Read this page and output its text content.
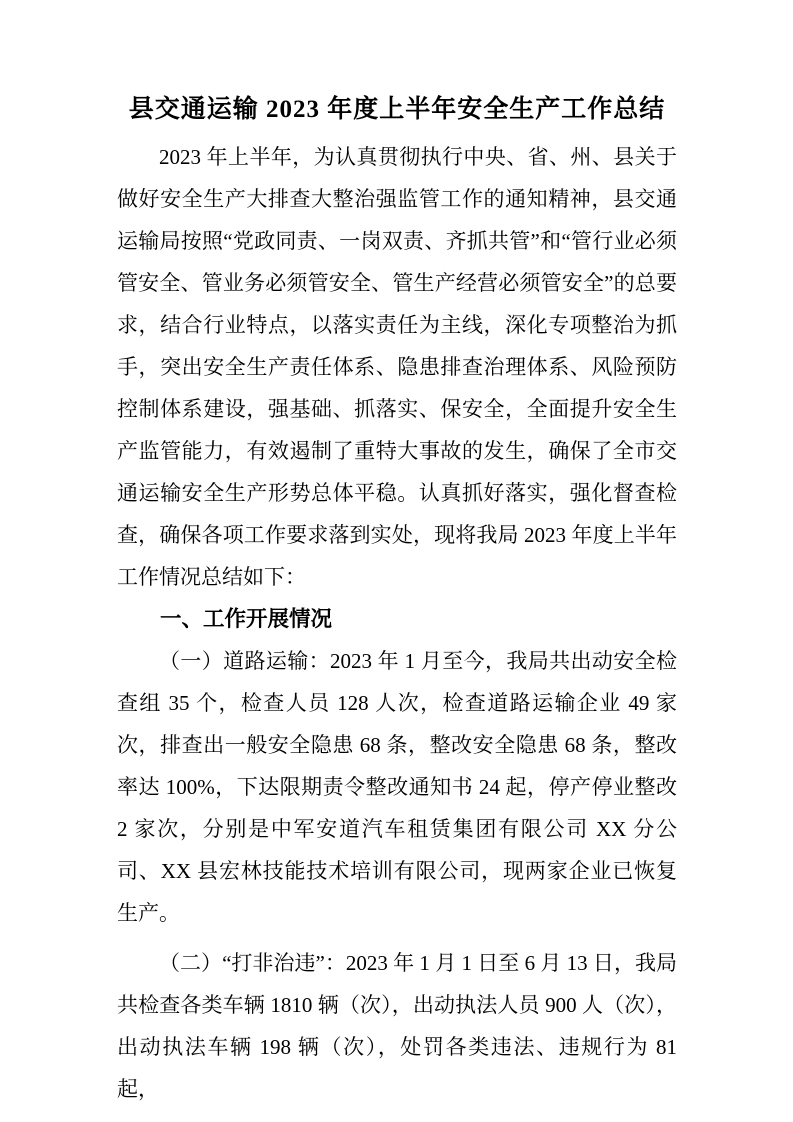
县交通运输 2023 年度上半年安全生产工作总结

2023 年上半年，为认真贯彻执行中央、省、州、县关于做好安全生产大排查大整治强监管工作的通知精神，县交通运输局按照“党政同责、一岗双责、齐抓共管”和“管行业必须管安全、管业务必须管安全、管生产经营必须管安全”的总要求，结合行业特点，以落实责任为主线，深化专项整治为抓手，突出安全生产责任体系、隐患排查治理体系、风险预防控制体系建设，强基础、抓落实、保安全，全面提升安全生产监管能力，有效遏制了重特大事故的发生，确保了全市交通运输安全生产形势总体平稳。认真抓好落实，强化督查检查，确保各项工作要求落到实处，现将我局 2023 年度上半年工作情况总结如下：

一、工作开展情况

（一）道路运输：2023 年 1 月至今，我局共出动安全检查组 35 个，检查人员 128 人次，检查道路运输企业 49 家次，排查出一般安全隐患 68 条，整改安全隐患 68 条，整改率达 100%，下达限期责令整改通知书 24 起，停产停业整改 2 家次，分别是中军安道汽车租赁集团有限公司 XX 分公司、XX 县宏林技能技术培训有限公司，现两家企业已恢复生产。

（二）“打非治违”：2023 年 1 月 1 日至 6 月 13 日，我局共检查各类车辆 1810 辆（次），出动执法人员 900 人（次），出动执法车辆 198 辆（次），处罚各类违法、违规行为 81 起，
